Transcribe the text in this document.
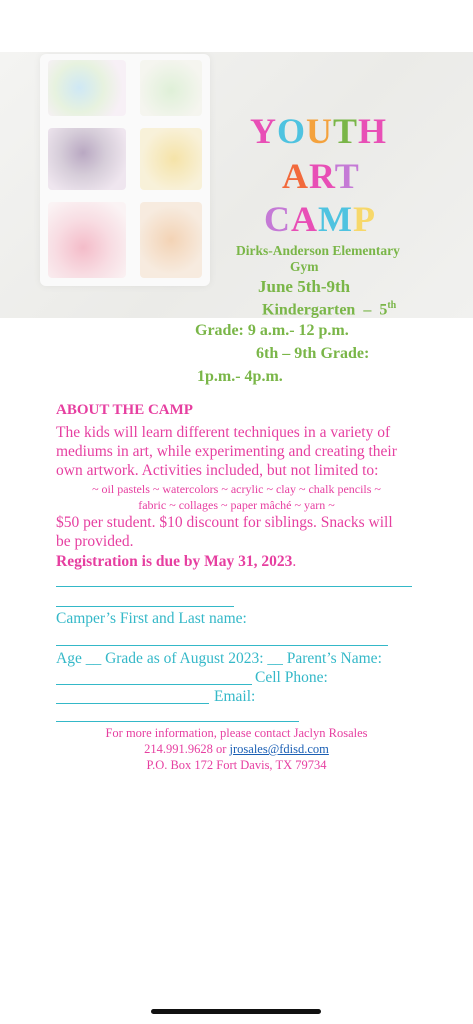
YOUTH
ART
CAMP
Dirks-Anderson Elementary
Gym
June 5th-9th
Kindergarten  –  5th
Grade: 9 a.m.- 12 p.m.
6th – 9th Grade:
1p.m.- 4p.m.
ABOUT THE CAMP
The kids will learn different techniques in a variety of
mediums in art, while experimenting and creating their
own artwork. Activities included, but not limited to:
~ oil pastels ~ watercolors ~ acrylic ~ clay ~ chalk pencils ~
fabric ~ collages ~ paper mâché ~ yarn ~
$50 per student. $10 discount for siblings. Snacks will
be provided.
Registration is due by May 31, 2023.
Camper’s First and Last name:
Age __ Grade as of August 2023: __ Parent’s Name:
Cell Phone:
Email:
For more information, please contact Jaclyn Rosales
214.991.9628 or jrosales@fdisd.com
P.O. Box 172 Fort Davis, TX 79734
